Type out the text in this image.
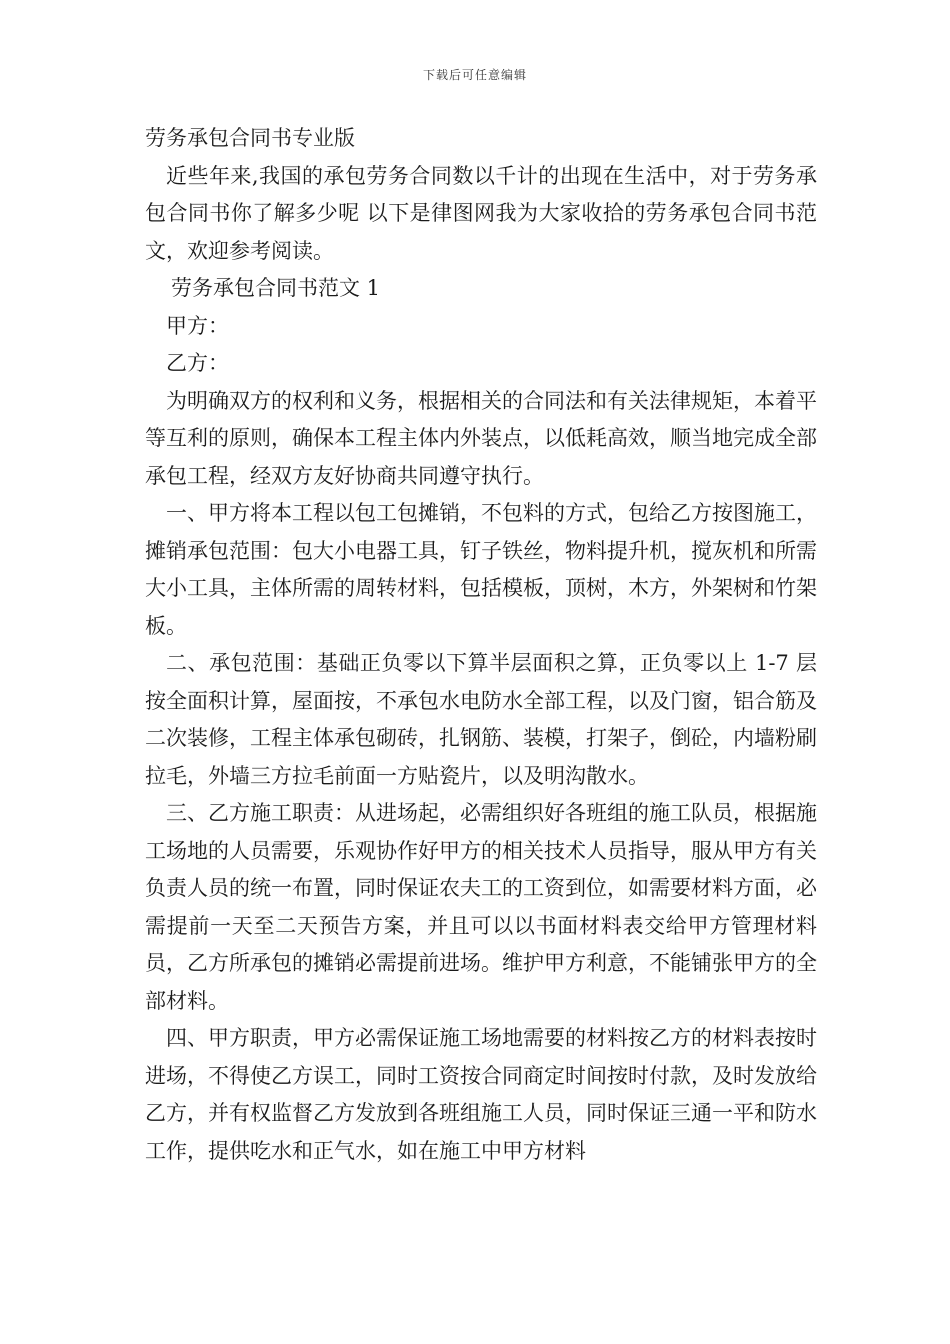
下载后可任意编辑
劳务承包合同书专业版

近些年来,我国的承包劳务合同数以千计的出现在生活中，对于劳务承包合同书你了解多少呢 以下是律图网我为大家收拾的劳务承包合同书范文，欢迎参考阅读。

劳务承包合同书范文 1

甲方：

乙方：

为明确双方的权利和义务，根据相关的合同法和有关法律规矩，本着平等互利的原则，确保本工程主体内外装点，以低耗高效，顺当地完成全部承包工程，经双方友好协商共同遵守执行。

一、甲方将本工程以包工包摊销，不包料的方式，包给乙方按图施工，摊销承包范围：包大小电器工具，钉子铁丝，物料提升机，搅灰机和所需大小工具，主体所需的周转材料，包括模板，顶树，木方，外架树和竹架板。

二、承包范围：基础正负零以下算半层面积之算，正负零以上 1-7 层按全面积计算，屋面按，不承包水电防水全部工程，以及门窗，铝合筋及二次装修，工程主体承包砌砖，扎钢筋、装模，打架子，倒砼，内墙粉刷拉毛，外墙三方拉毛前面一方贴瓷片，以及明沟散水。

三、乙方施工职责：从进场起，必需组织好各班组的施工队员，根据施工场地的人员需要，乐观协作好甲方的相关技术人员指导，服从甲方有关负责人员的统一布置，同时保证农夫工的工资到位，如需要材料方面，必需提前一天至二天预告方案，并且可以以书面材料表交给甲方管理材料员，乙方所承包的摊销必需提前进场。维护甲方利意，不能铺张甲方的全部材料。

四、甲方职责，甲方必需保证施工场地需要的材料按乙方的材料表按时进场，不得使乙方误工，同时工资按合同商定时间按时付款，及时发放给乙方，并有权监督乙方发放到各班组施工人员，同时保证三通一平和防水工作，提供吃水和正气水，如在施工中甲方材料
